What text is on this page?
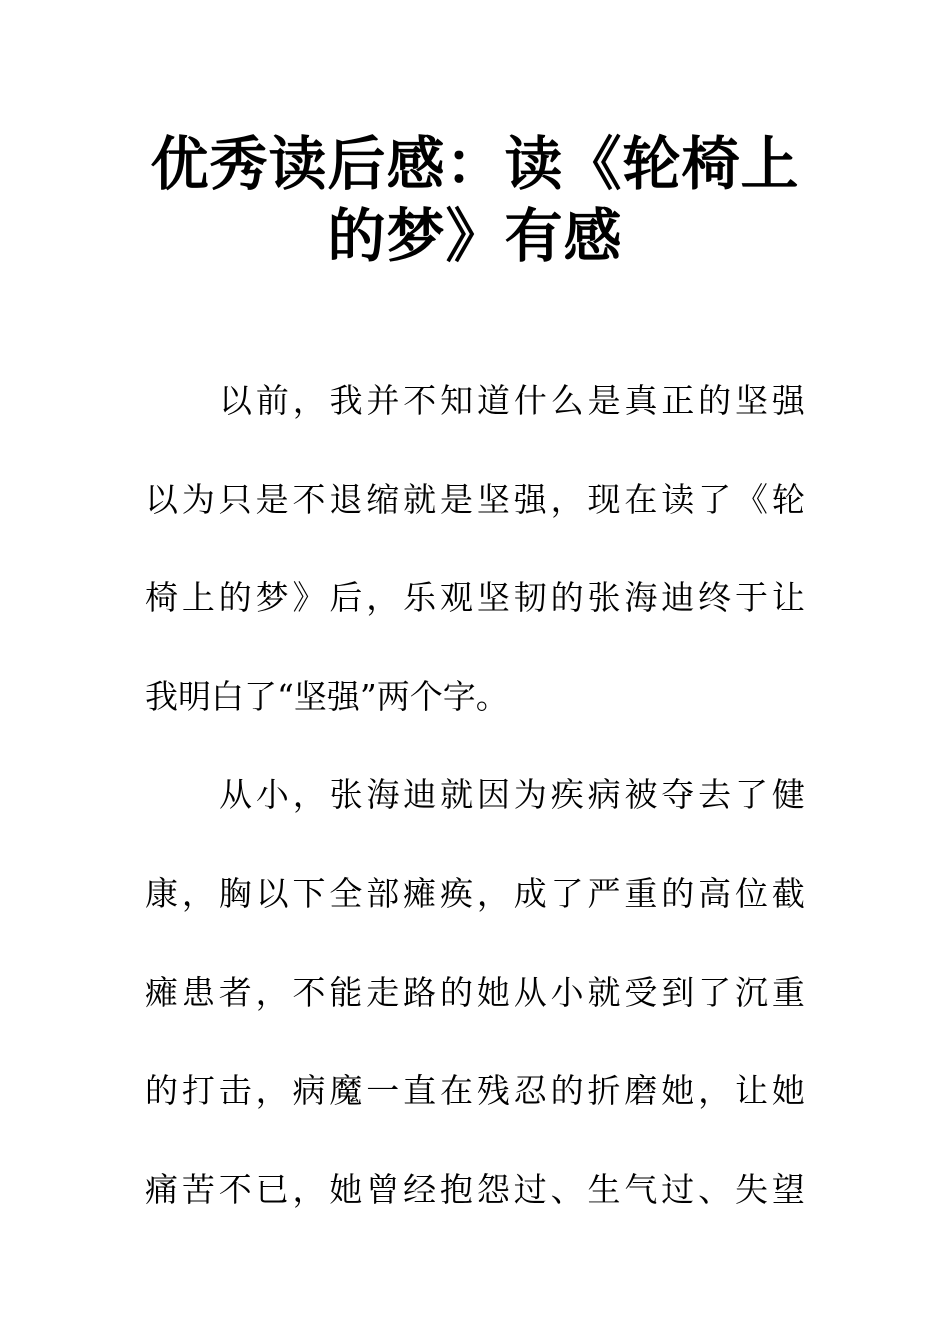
优秀读后感：读《轮椅上的梦》有感
以 前 ， 我 并 不 知 道 什 么 是 真 正 的 坚 强
以 为 只 是 不 退 缩 就 是 坚 强 ， 现 在 读 了 《 轮
椅 上 的 梦 》 后 ， 乐 观 坚 韧 的 张 海 迪 终 于 让
我明白了“坚强”两个字。
从 小 ， 张 海 迪 就 因 为 疾 病 被 夺 去 了 健
康 ， 胸 以 下 全 部 瘫 痪 ， 成 了 严 重 的 高 位 截
瘫 患 者 ， 不 能 走 路 的 她 从 小 就 受 到 了 沉 重
的 打 击 ， 病 魔 一 直 在 残 忍 的 折 磨 她 ， 让 她
痛 苦 不 已 ， 她 曾 经 抱 怨 过 、 生 气 过 、 失 望
